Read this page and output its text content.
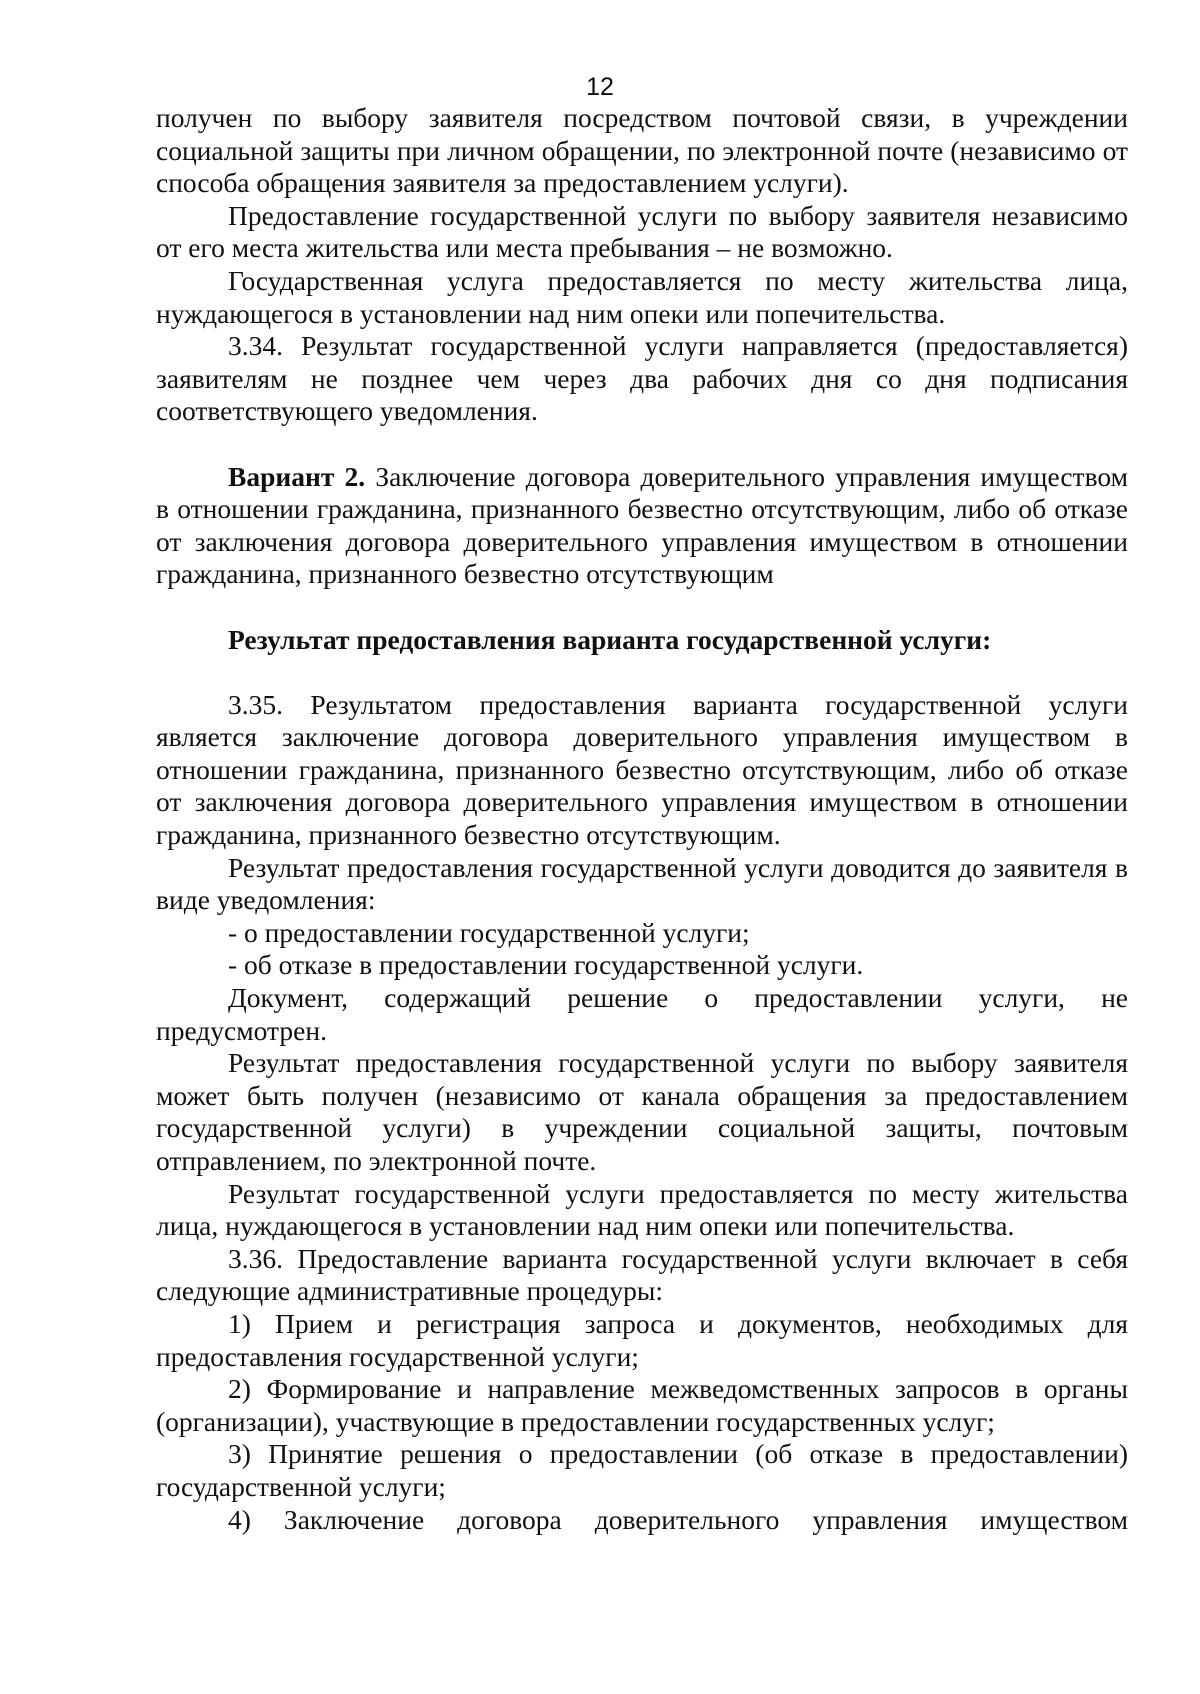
12

получен по выбору заявителя посредством почтовой связи, в учреждении социальной защиты при личном обращении, по электронной почте (независимо от способа обращения заявителя за предоставлением услуги).

Предоставление государственной услуги по выбору заявителя независимо от его места жительства или места пребывания – не возможно.

Государственная услуга предоставляется по месту жительства лица, нуждающегося в установлении над ним опеки или попечительства.

3.34. Результат государственной услуги направляется (предоставляется) заявителям не позднее чем через два рабочих дня со дня подписания соответствующего уведомления.

Вариант 2. Заключение договора доверительного управления имуществом в отношении гражданина, признанного безвестно отсутствующим, либо об отказе от заключения договора доверительного управления имуществом в отношении гражданина, признанного безвестно отсутствующим

Результат предоставления варианта государственной услуги:

3.35. Результатом предоставления варианта государственной услуги является заключение договора доверительного управления имуществом в отношении гражданина, признанного безвестно отсутствующим, либо об отказе от заключения договора доверительного управления имуществом в отношении гражданина, признанного безвестно отсутствующим.

Результат предоставления государственной услуги доводится до заявителя в виде уведомления:

- о предоставлении государственной услуги;

- об отказе в предоставлении государственной услуги.

Документ, содержащий решение о предоставлении услуги, не предусмотрен.

Результат предоставления государственной услуги по выбору заявителя может быть получен (независимо от канала обращения за предоставлением государственной услуги) в учреждении социальной защиты, почтовым отправлением, по электронной почте.

Результат государственной услуги предоставляется по месту жительства лица, нуждающегося в установлении над ним опеки или попечительства.

3.36. Предоставление варианта государственной услуги включает в себя следующие административные процедуры:

1) Прием и регистрация запроса и документов, необходимых для предоставления государственной услуги;

2) Формирование и направление межведомственных запросов в органы (организации), участвующие в предоставлении государственных услуг;

3) Принятие решения о предоставлении (об отказе в предоставлении) государственной услуги;

4) Заключение договора доверительного управления имуществом
